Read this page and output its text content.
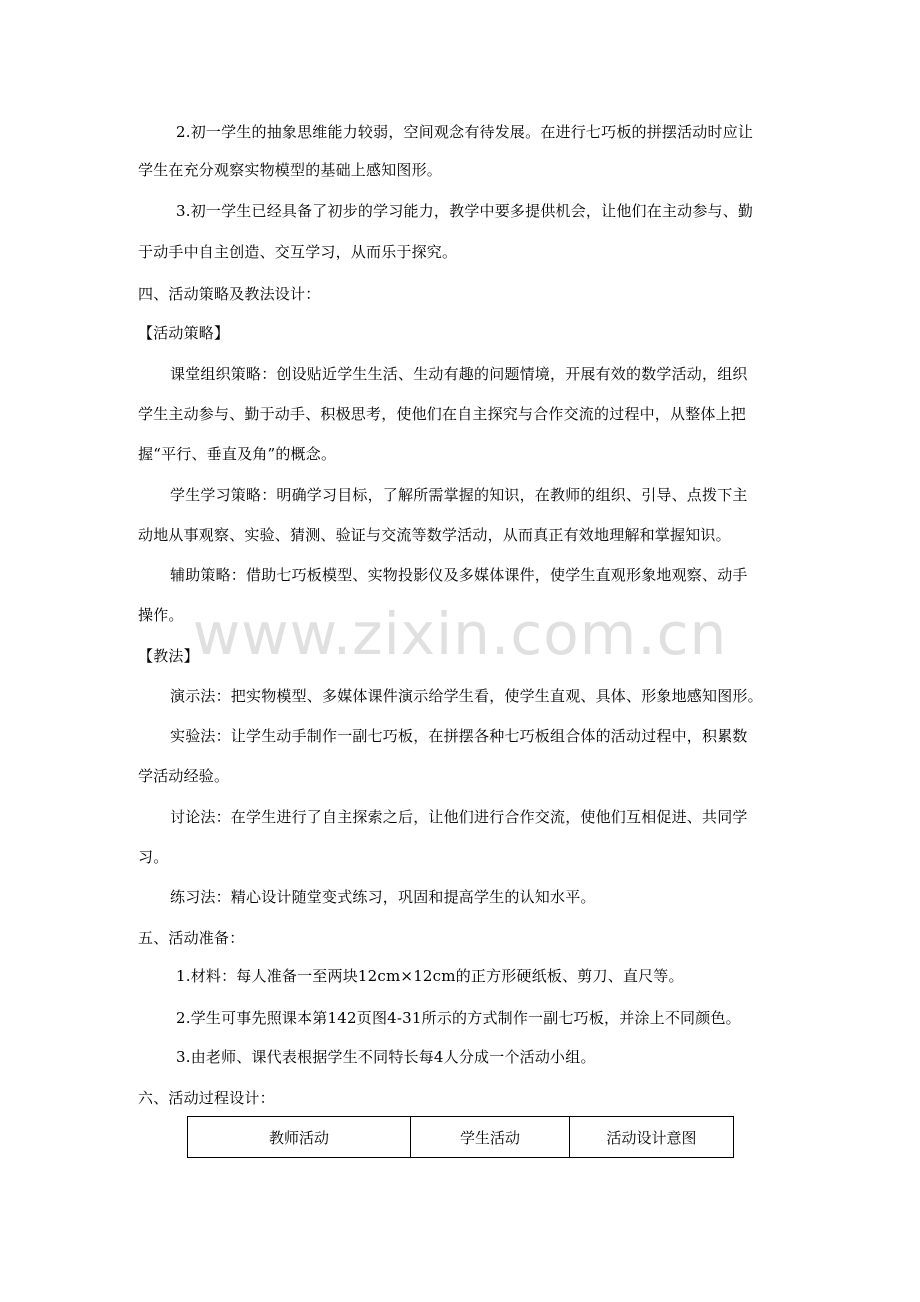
www.zixin.com.cn
2.初一学生的抽象思维能力较弱，空间观念有待发展。在进行七巧板的拼摆活动时应让
学生在充分观察实物模型的基础上感知图形。
3.初一学生已经具备了初步的学习能力，教学中要多提供机会，让他们在主动参与、勤
于动手中自主创造、交互学习，从而乐于探究。
四、活动策略及教法设计：
【活动策略】
课堂组织策略：创设贴近学生生活、生动有趣的问题情境，开展有效的数学活动，组织
学生主动参与、勤于动手、积极思考，使他们在自主探究与合作交流的过程中，从整体上把
握“平行、垂直及角”的概念。
学生学习策略：明确学习目标，了解所需掌握的知识，在教师的组织、引导、点拨下主
动地从事观察、实验、猜测、验证与交流等数学活动，从而真正有效地理解和掌握知识。
辅助策略：借助七巧板模型、实物投影仪及多媒体课件，使学生直观形象地观察、动手
操作。
【教法】
演示法：把实物模型、多媒体课件演示给学生看，使学生直观、具体、形象地感知图形。
实验法：让学生动手制作一副七巧板，在拼摆各种七巧板组合体的活动过程中，积累数
学活动经验。
讨论法：在学生进行了自主探索之后，让他们进行合作交流，使他们互相促进、共同学
习。
练习法：精心设计随堂变式练习，巩固和提高学生的认知水平。
五、活动准备：
1.材料：每人准备一至两块12cm×12cm的正方形硬纸板、剪刀、直尺等。
2.学生可事先照课本第142页图4-31所示的方式制作一副七巧板，并涂上不同颜色。
3.由老师、课代表根据学生不同特长每4人分成一个活动小组。
六、活动过程设计：
教师活动	学生活动	活动设计意图
